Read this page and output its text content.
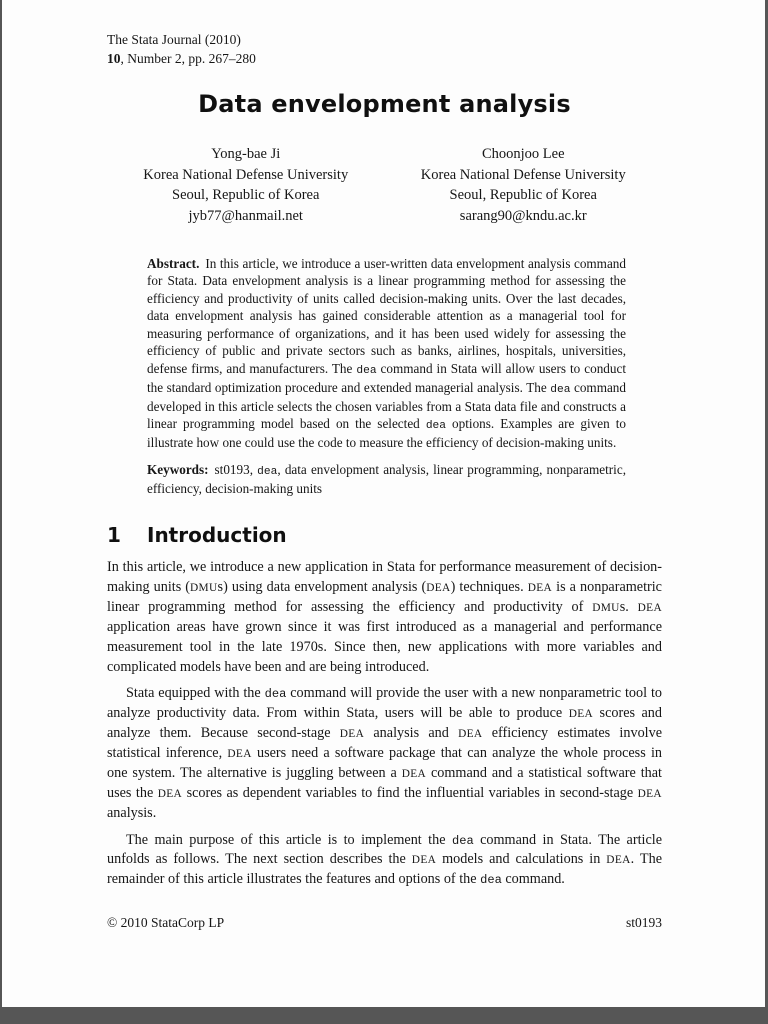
The Stata Journal (2010)
10, Number 2, pp. 267–280
Data envelopment analysis
Yong-bae Ji
Korea National Defense University
Seoul, Republic of Korea
jyb77@hanmail.net
Choonjoo Lee
Korea National Defense University
Seoul, Republic of Korea
sarang90@kndu.ac.kr

Abstract. In this article, we introduce a user-written data envelopment analysis command for Stata. Data envelopment analysis is a linear programming method for assessing the efficiency and productivity of units called decision-making units. Over the last decades, data envelopment analysis has gained considerable attention as a managerial tool for measuring performance of organizations, and it has been used widely for assessing the efficiency of public and private sectors such as banks, airlines, hospitals, universities, defense firms, and manufacturers. The dea command in Stata will allow users to conduct the standard optimization procedure and extended managerial analysis. The dea command developed in this article selects the chosen variables from a Stata data file and constructs a linear programming model based on the selected dea options. Examples are given to illustrate how one could use the code to measure the efficiency of decision-making units.

Keywords: st0193, dea, data envelopment analysis, linear programming, nonparametric, efficiency, decision-making units

1 Introduction

In this article, we introduce a new application in Stata for performance measurement of decision-making units (DMUs) using data envelopment analysis (DEA) techniques. DEA is a nonparametric linear programming method for assessing the efficiency and productivity of DMUs. DEA application areas have grown since it was first introduced as a managerial and performance measurement tool in the late 1970s. Since then, new applications with more variables and complicated models have been and are being introduced.

Stata equipped with the dea command will provide the user with a new nonparametric tool to analyze productivity data. From within Stata, users will be able to produce DEA scores and analyze them. Because second-stage DEA analysis and DEA efficiency estimates involve statistical inference, DEA users need a software package that can analyze the whole process in one system. The alternative is juggling between a DEA command and a statistical software that uses the DEA scores as dependent variables to find the influential variables in second-stage DEA analysis.

The main purpose of this article is to implement the dea command in Stata. The article unfolds as follows. The next section describes the DEA models and calculations in DEA. The remainder of this article illustrates the features and options of the dea command.

© 2010 StataCorp LP	st0193
